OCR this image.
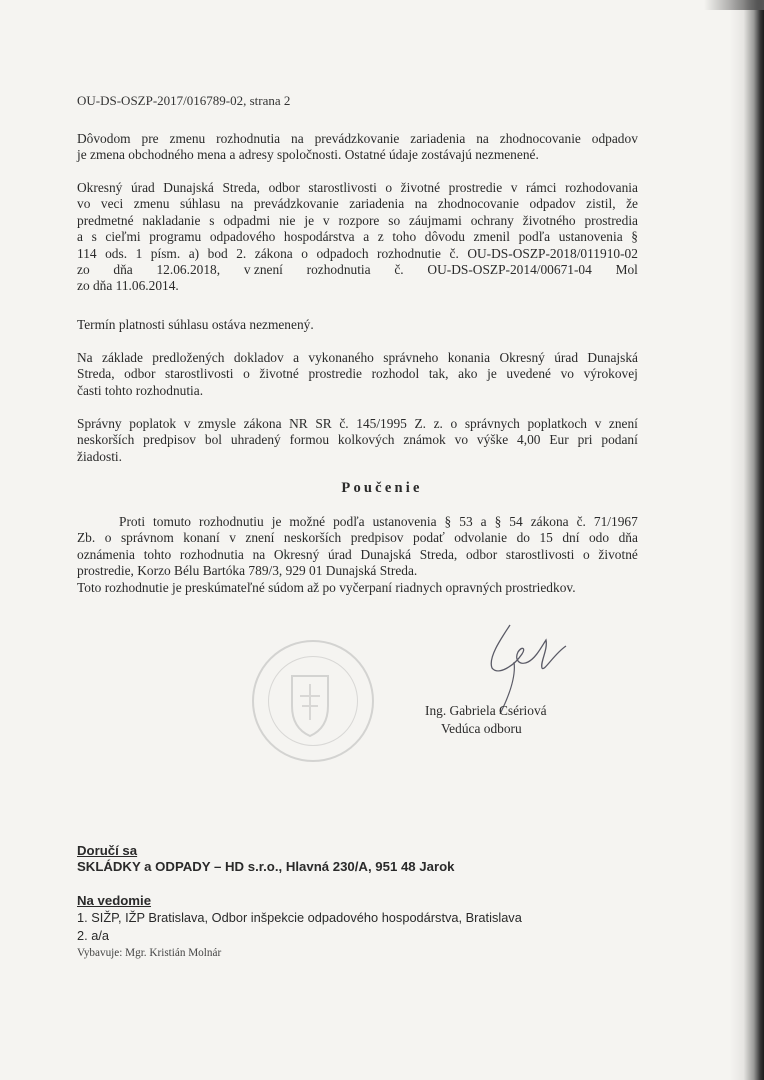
OU-DS-OSZP-2017/016789-02, strana 2
Dôvodom pre zmenu rozhodnutia na prevádzkovanie zariadenia na zhodnocovanie odpadov
je zmena obchodného mena a adresy spoločnosti. Ostatné údaje zostávajú nezmenené.
Okresný úrad Dunajská Streda, odbor starostlivosti o životné prostredie v rámci rozhodovania
vo veci zmenu súhlasu na prevádzkovanie zariadenia na zhodnocovanie odpadov zistil, že
predmetné nakladanie s odpadmi nie je v rozpore so záujmami ochrany životného prostredia
a s cieľmi programu odpadového hospodárstva a z toho dôvodu zmenil podľa ustanovenia §
114 ods. 1 písm. a) bod 2. zákona o odpadoch rozhodnutie č. OU-DS-OSZP-2018/011910-02
zo dňa 12.06.2018, v znení rozhodnutia č. OU-DS-OSZP-2014/00671-04 Mol
zo dňa 11.06.2014.
Termín platnosti súhlasu ostáva nezmenený.
Na základe predložených dokladov a vykonaného správneho konania Okresný úrad Dunajská
Streda, odbor starostlivosti o životné prostredie rozhodol tak, ako je uvedené vo výrokovej
časti tohto rozhodnutia.
Správny poplatok v zmysle zákona NR SR č. 145/1995 Z. z. o správnych poplatkoch v znení
neskorších predpisov bol uhradený formou kolkových známok vo výške 4,00 Eur pri podaní
žiadosti.
Poučenie
Proti tomuto rozhodnutiu je možné podľa ustanovenia § 53 a § 54 zákona č. 71/1967
Zb. o správnom konaní v znení neskorších predpisov podať odvolanie do 15 dní odo dňa
oznámenia tohto rozhodnutia na Okresný úrad Dunajská Streda, odbor starostlivosti o životné
prostredie, Korzo Bélu Bartóka 789/3, 929 01 Dunajská Streda.
Toto rozhodnutie je preskúmateľné súdom až po vyčerpaní riadnych opravných prostriedkov.
Ing. Gabriela Csériová
Vedúca odboru
Doručí sa
SKLÁDKY a ODPADY – HD s.r.o., Hlavná 230/A, 951 48 Jarok
Na vedomie
1. SIŽP, IŽP Bratislava, Odbor inšpekcie odpadového hospodárstva, Bratislava
2. a/a
Vybavuje: Mgr. Kristián Molnár
